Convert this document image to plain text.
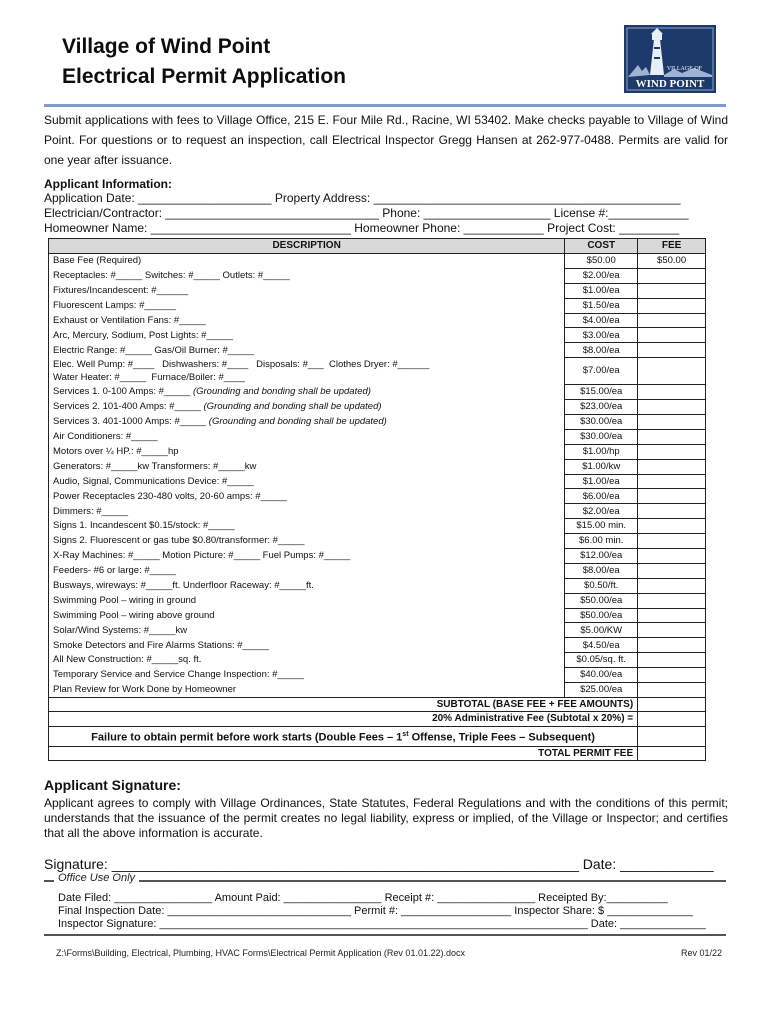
Village of Wind Point
Electrical Permit Application	VILLAGE OF
WIND POINT
Submit applications with fees to Village Office, 215 E. Four Mile Rd., Racine, WI 53402. Make checks payable to Village of Wind Point. For questions or to request an inspection, call Electrical Inspector Gregg Hansen at 262-977-0488. Permits are valid for one year after issuance.
Applicant Information:
Application Date: ____________________ Property Address: ______________________________________________
Electrician/Contractor: ________________________________ Phone: ___________________ License #:____________
Homeowner Name: ______________________________ Homeowner Phone: ____________ Project Cost: _________
DESCRIPTION	COST	FEE
Base Fee (Required)	$50.00	$50.00
Receptacles: #_____ Switches: #_____ Outlets: #_____	$2.00/ea	
Fixtures/Incandescent: #______	$1.00/ea	
Fluorescent Lamps: #______	$1.50/ea	
Exhaust or Ventilation Fans: #_____	$4.00/ea	
Arc, Mercury, Sodium, Post Lights: #_____	$3.00/ea	
Electric Range: #_____ Gas/Oil Burner: #_____	$8.00/ea	
Elec. Well Pump: #____   Dishwashers: #____   Disposals: #___  Clothes Dryer: #______
Water Heater: #_____  Furnace/Boiler: #____	$7.00/ea	
Services 1. 0-100 Amps: #_____ (Grounding and bonding shall be updated)	$15.00/ea	
Services 2. 101-400 Amps: #_____ (Grounding and bonding shall be updated)	$23.00/ea	
Services 3. 401-1000 Amps: #_____ (Grounding and bonding shall be updated)	$30.00/ea	
Air Conditioners: #_____	$30.00/ea	
Motors over ¼ HP.: #_____hp	$1.00/hp	
Generators: #_____kw Transformers: #_____kw	$1.00/kw	
Audio, Signal, Communications Device: #_____	$1.00/ea	
Power Receptacles 230-480 volts, 20-60 amps: #_____	$6.00/ea	
Dimmers: #_____	$2.00/ea	
Signs 1. Incandescent $0.15/stock: #_____	$15.00 min.	
Signs 2. Fluorescent or gas tube $0.80/transformer: #_____	$6.00 min.	
X-Ray Machines: #_____ Motion Picture: #_____ Fuel Pumps: #_____	$12.00/ea	
Feeders- #6 or large: #_____	$8.00/ea	
Busways, wireways: #_____ft. Underfloor Raceway: #_____ft.	$0.50/ft.	
Swimming Pool – wiring in ground	$50.00/ea	
Swimming Pool – wiring above ground	$50.00/ea	
Solar/Wind Systems: #_____kw	$5.00/KW	
Smoke Detectors and Fire Alarms Stations: #_____	$4.50/ea	
All New Construction: #_____sq. ft.	$0.05/sq. ft.	
Temporary Service and Service Change Inspection: #_____	$40.00/ea	
Plan Review for Work Done by Homeowner	$25.00/ea	
SUBTOTAL (BASE FEE + FEE AMOUNTS)		
20% Administrative Fee (Subtotal x 20%) =		
Failure to obtain permit before work starts (Double Fees – 1st Offense, Triple Fees – Subsequent)		
TOTAL PERMIT FEE		
Applicant Signature:
Applicant agrees to comply with Village Ordinances, State Statutes, Federal Regulations and with the conditions of this permit; understands that the issuance of the permit creates no legal liability, express or implied, of the Village or Inspector; and certifies that all the above information is accurate.
Signature: ____________________________________________________________ Date: ____________
Office Use Only
Date Filed: ________________ Amount Paid: ________________ Receipt #: ________________ Receipted By:__________
Final Inspection Date: ______________________________ Permit #: __________________ Inspector Share: $ ______________
Inspector Signature: ______________________________________________________________________ Date: ______________
Z:\Forms\Building, Electrical, Plumbing, HVAC Forms\Electrical Permit Application (Rev 01.01.22).docx	Rev 01/22
